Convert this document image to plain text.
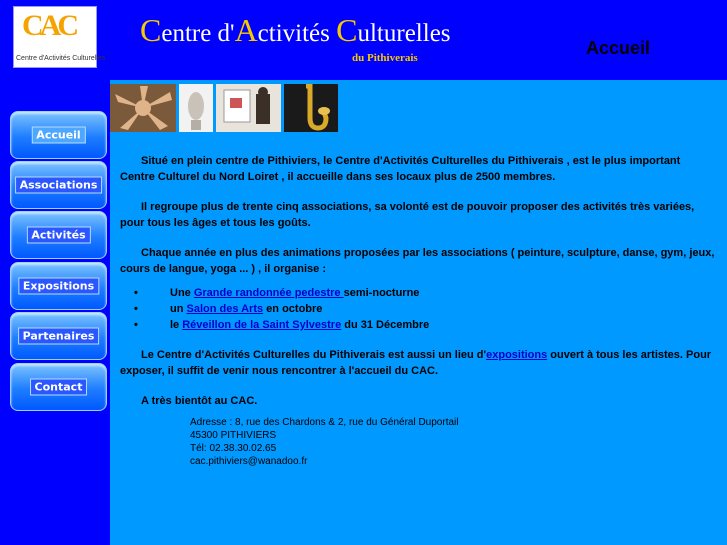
CAC
Centre d'Activités Culturelles
Centre d'Activités Culturelles
du Pithiverais	Accueil
Accueil
Associations
Activités
Expositions
Partenaires
Contact

Situé en plein centre de Pithiviers, le Centre d'Activités Culturelles du Pithiverais , est le plus important Centre Culturel du Nord Loiret , il accueille dans ses locaux plus de 2500 membres.

Il regroupe plus de trente cinq associations, sa volonté est de pouvoir proposer des activités très variées, pour tous les âges et tous les goûts.

Chaque année en plus des animations proposées par les associations ( peinture, sculpture, danse, gym, jeux, cours de langue, yoga ... ) , il organise :

•	Une Grande randonnée pedestre semi-nocturne
•	un Salon des Arts en octobre
•	le Réveillon de la Saint Sylvestre du 31 Décembre

Le Centre d'Activités Culturelles du Pithiverais est aussi un lieu d'expositions ouvert à tous les artistes. Pour exposer, il suffit de venir nous rencontrer à l'accueil du CAC.

A très bientôt au CAC.

Adresse : 8, rue des Chardons & 2, rue du Général Duportail
45300 PITHIVIERS
Tél: 02.38.30.02.65
cac.pithiviers@wanadoo.fr
